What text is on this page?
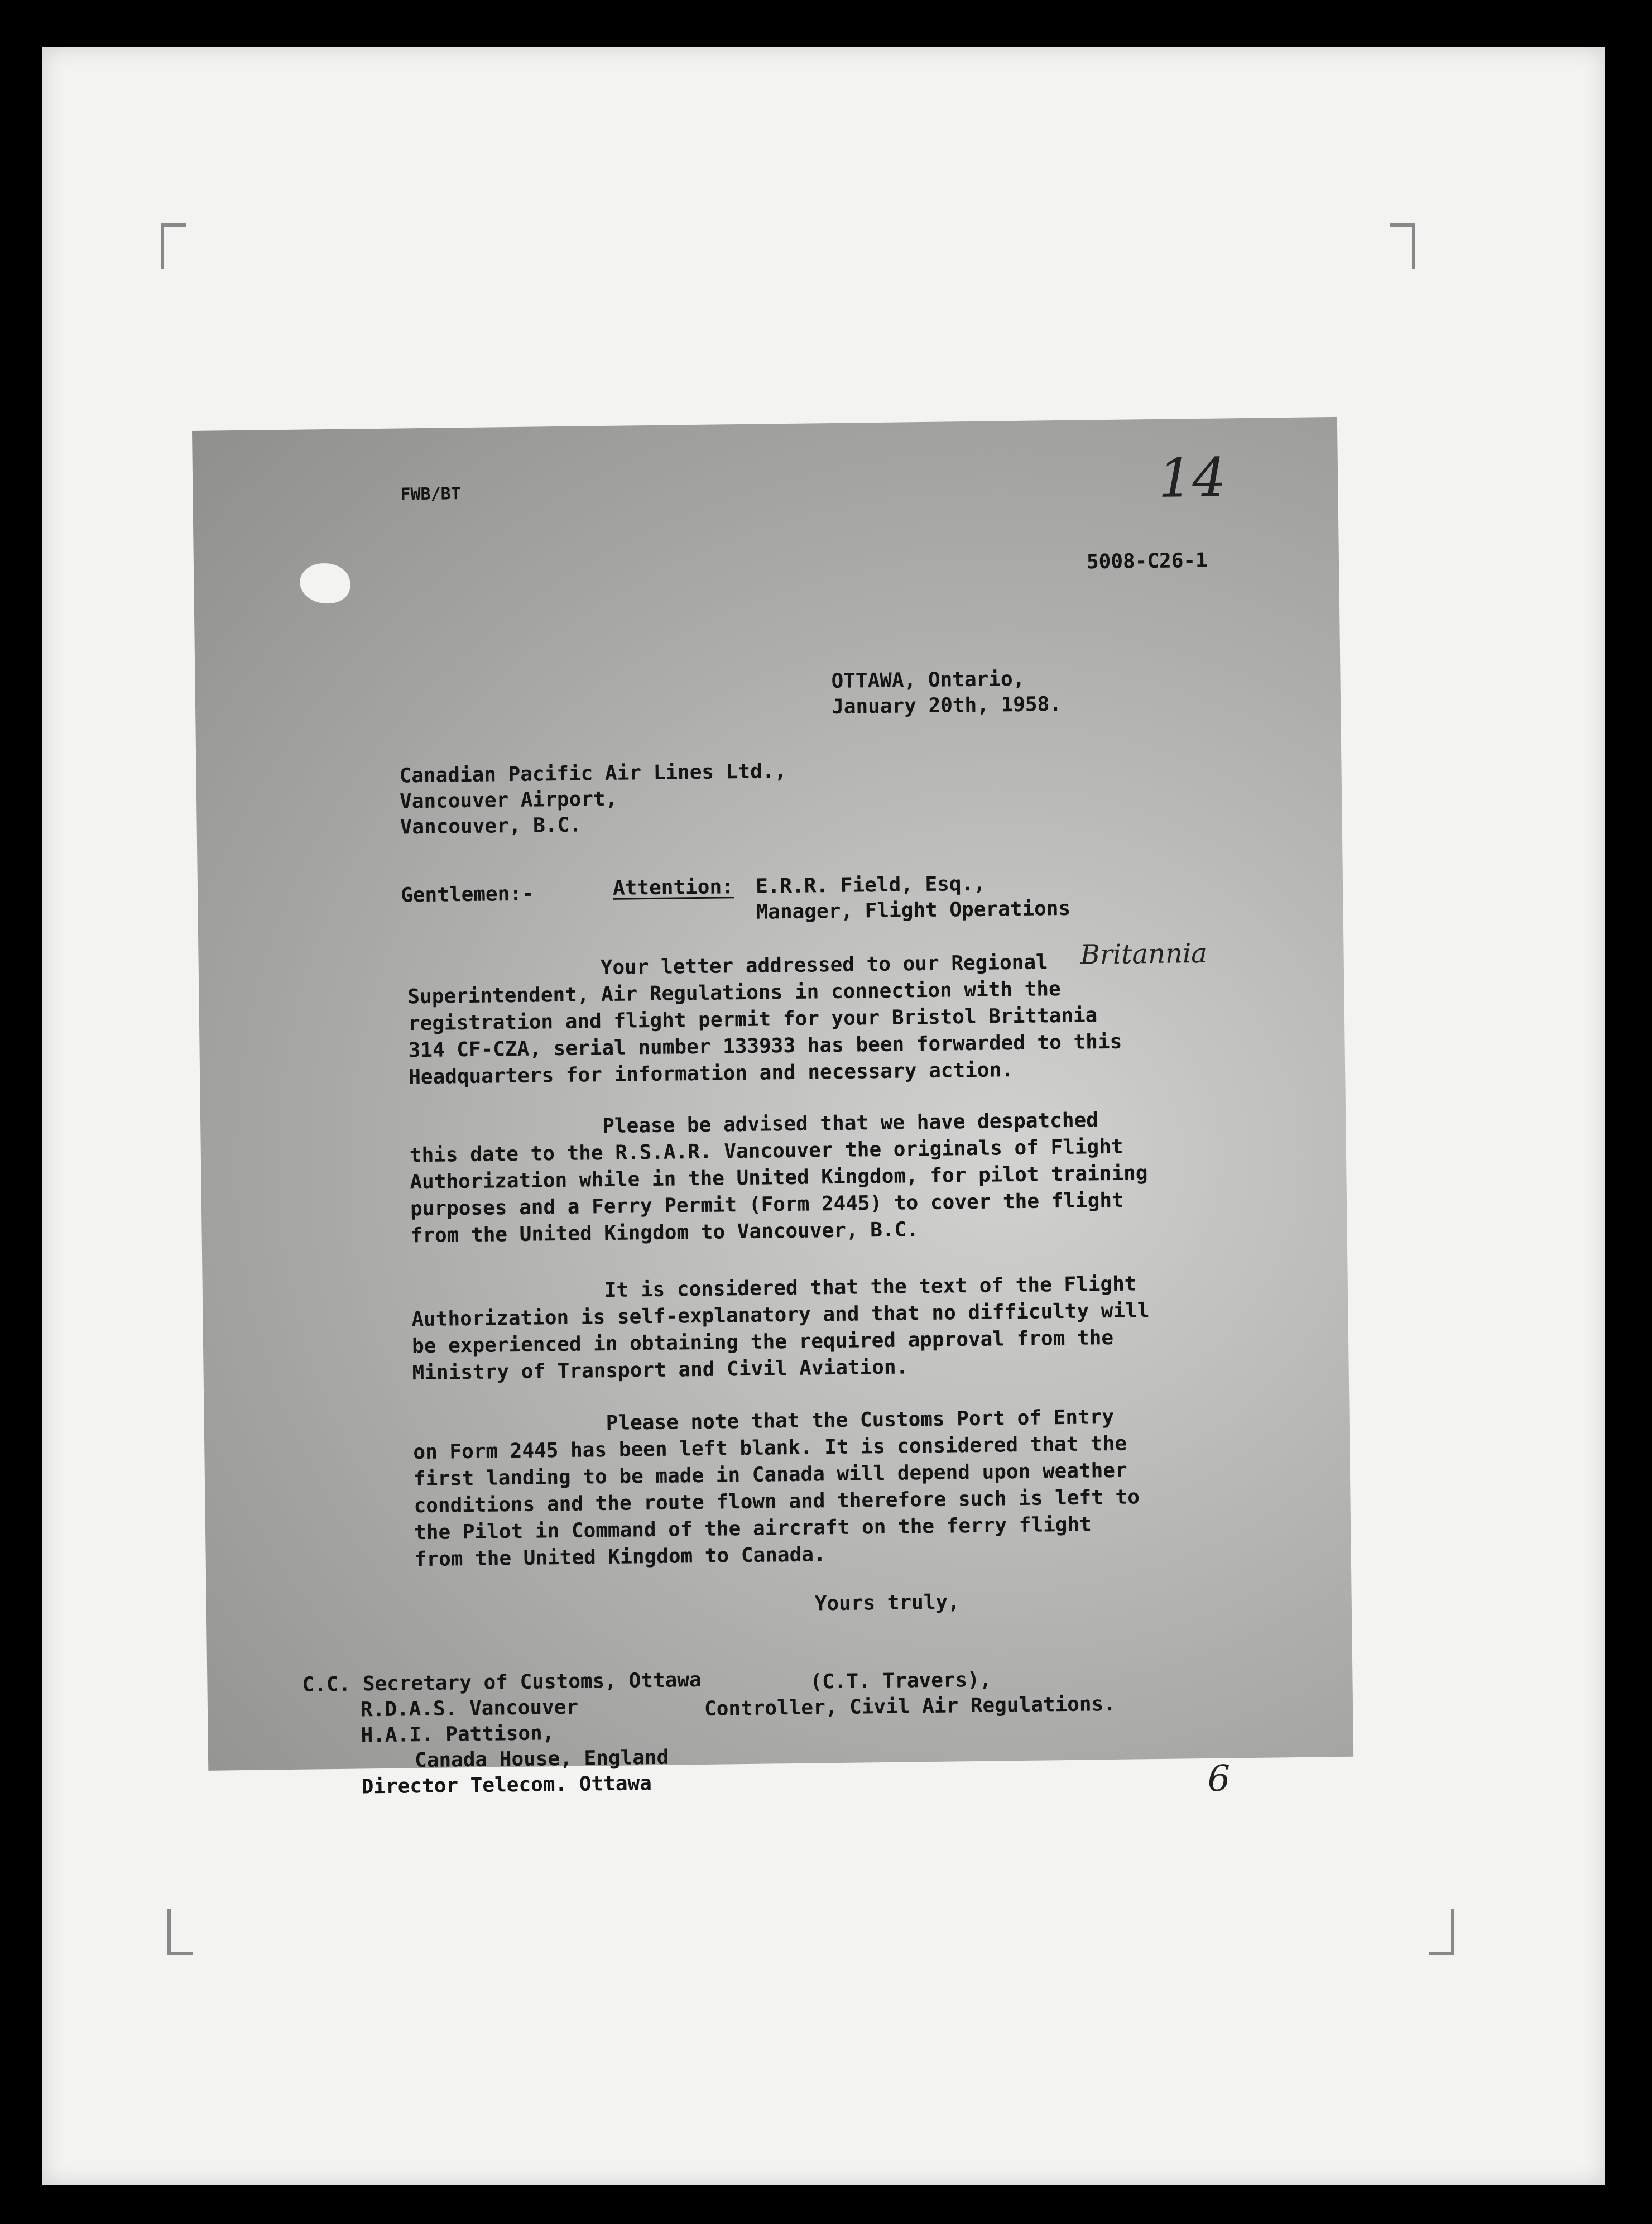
FWB/BT	14
5008-C26-1
OTTAWA, Ontario,
January 20th, 1958.
Canadian Pacific Air Lines Ltd.,
Vancouver Airport,
Vancouver, B.C.
Gentlemen:-	Attention: E.R.R. Field, Esq.,
Manager, Flight Operations
Britannia
Your letter addressed to our Regional
Superintendent, Air Regulations in connection with the
registration and flight permit for your Bristol Brittania
314 CF-CZA, serial number 133933 has been forwarded to this
Headquarters for information and necessary action.
Please be advised that we have despatched
this date to the R.S.A.R. Vancouver the originals of Flight
Authorization while in the United Kingdom, for pilot training
purposes and a Ferry Permit (Form 2445) to cover the flight
from the United Kingdom to Vancouver, B.C.
It is considered that the text of the Flight
Authorization is self-explanatory and that no difficulty will
be experienced in obtaining the required approval from the
Ministry of Transport and Civil Aviation.
Please note that the Customs Port of Entry
on Form 2445 has been left blank. It is considered that the
first landing to be made in Canada will depend upon weather
conditions and the route flown and therefore such is left to
the Pilot in Command of the aircraft on the ferry flight
from the United Kingdom to Canada.
Yours truly,
(C.T. Travers),
Controller, Civil Air Regulations.
C.C. Secretary of Customs, Ottawa
R.D.A.S. Vancouver
H.A.I. Pattison,
Canada House, England
Director Telecom. Ottawa	6
